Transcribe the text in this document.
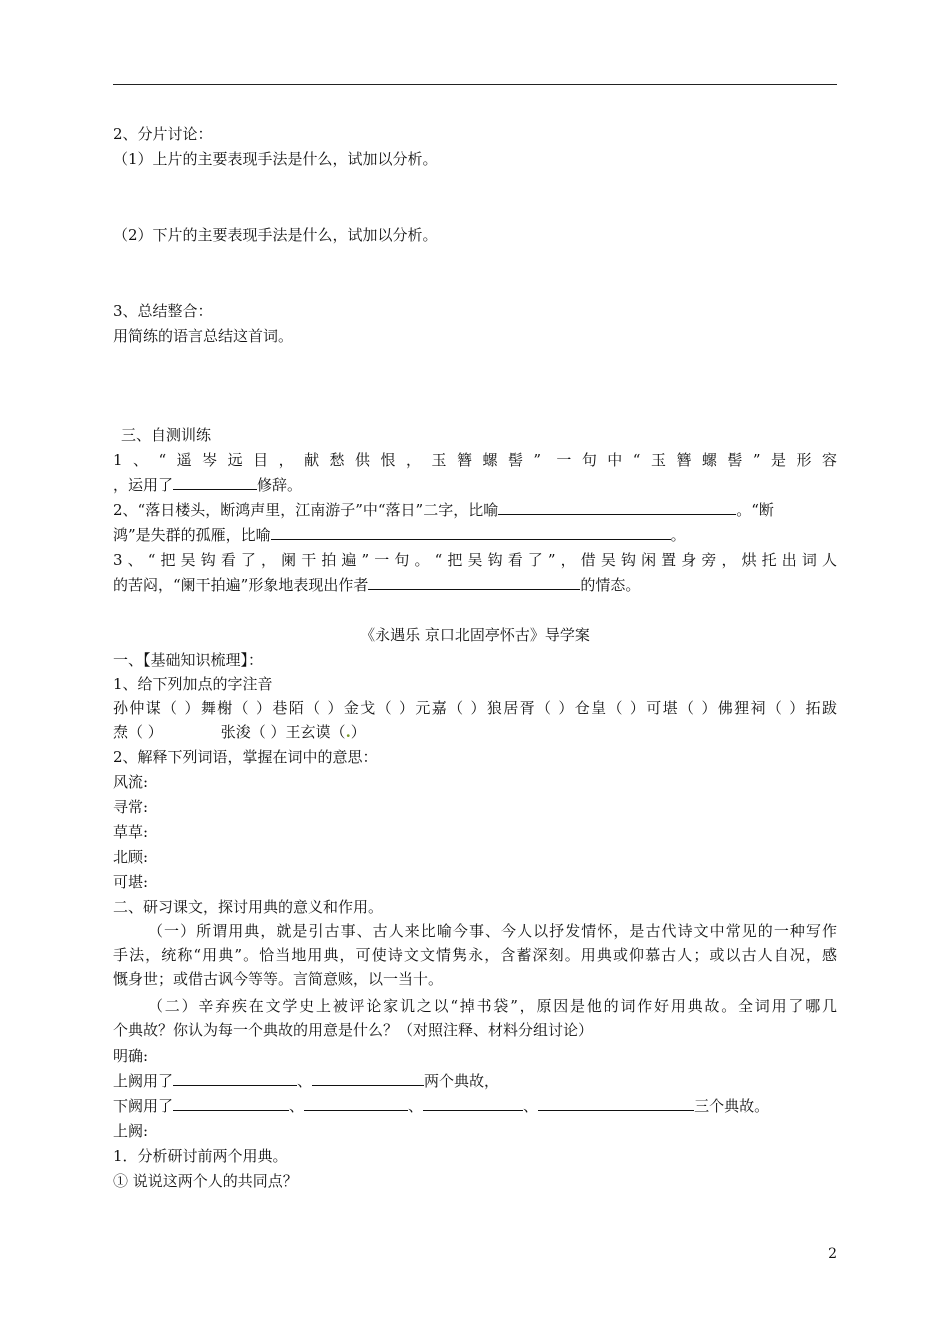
2、分片讨论：
（1）上片的主要表现手法是什么，试加以分析。
（2）下片的主要表现手法是什么，试加以分析。
3、总结整合：
用简练的语言总结这首词。
三、自测训练
1、“遥岑远目，献愁供恨，玉簪螺髻” 一句中“玉簪螺髻”是形容
，运用了	修辞。
2、“落日楼头，断鸿声里，江南游子”中“落日”二字，比喻	。“断
鸿”是失群的孤雁，比喻	。
3、“把吴钩看了，阑干拍遍”一句。“把吴钩看了”，借吴钩闲置身旁，烘托出词人
的苦闷，“阑干拍遍”形象地表现出作者	的情态。
《永遇乐 京口北固亭怀古》导学案
一、【基础知识梳理】：
1、给下列加点的字注音
孙仲谋（ ）舞榭（ ）巷陌（ ）金戈（ ）元嘉（ ）狼居胥（ ）仓皇（ ）可堪（ ）佛狸祠（ ）拓跋
焘（ ）	张浚（ ）王玄谟（.）
2、解释下列词语，掌握在词中的意思：
风流:
寻常:
草草:
北顾:
可堪:
二、研习课文，探讨用典的意义和作用。
（一）所谓用典，就是引古事、古人来比喻今事、今人以抒发情怀，是古代诗文中常见的一种写作
手法，统称“用典”。恰当地用典，可使诗文文情隽永，含蓄深刻。用典或仰慕古人；或以古人自况，感
慨身世；或借古讽今等等。言简意赅，以一当十。
（二）辛弃疾在文学史上被评论家讥之以“掉书袋”，原因是他的词作好用典故。全词用了哪几
个典故？你认为每一个典故的用意是什么？（对照注释、材料分组讨论）
明确:
上阙用了	、	两个典故，
下阙用了	、	、	、	三个典故。
上阙:
1．分析研讨前两个用典。
① 说说这两个人的共同点？
2
